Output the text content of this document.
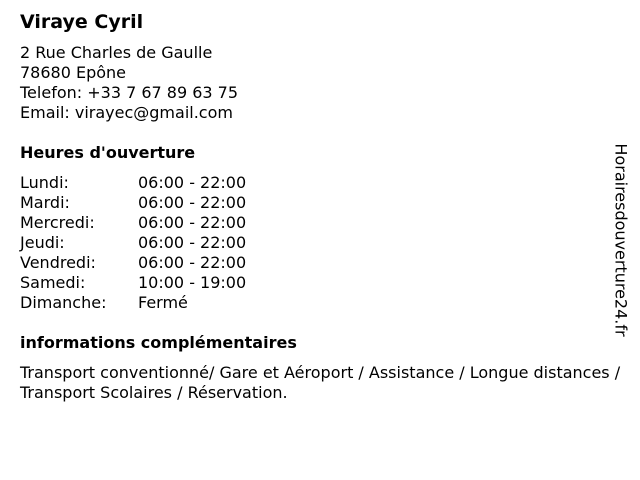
Viraye Cyril
2 Rue Charles de Gaulle
78680 Epône
Telefon: +33 7 67 89 63 75
Email: virayec@gmail.com
Heures d'ouverture
Lundi:	06:00 - 22:00
Mardi:	06:00 - 22:00
Mercredi:	06:00 - 22:00
Jeudi:	06:00 - 22:00
Vendredi:	06:00 - 22:00
Samedi:	10:00 - 19:00
Dimanche:	Fermé
informations complémentaires
Transport conventionné/ Gare et Aéroport / Assistance / Longue distances / Transport Scolaires / Réservation.
Horairesdouverture24.fr
